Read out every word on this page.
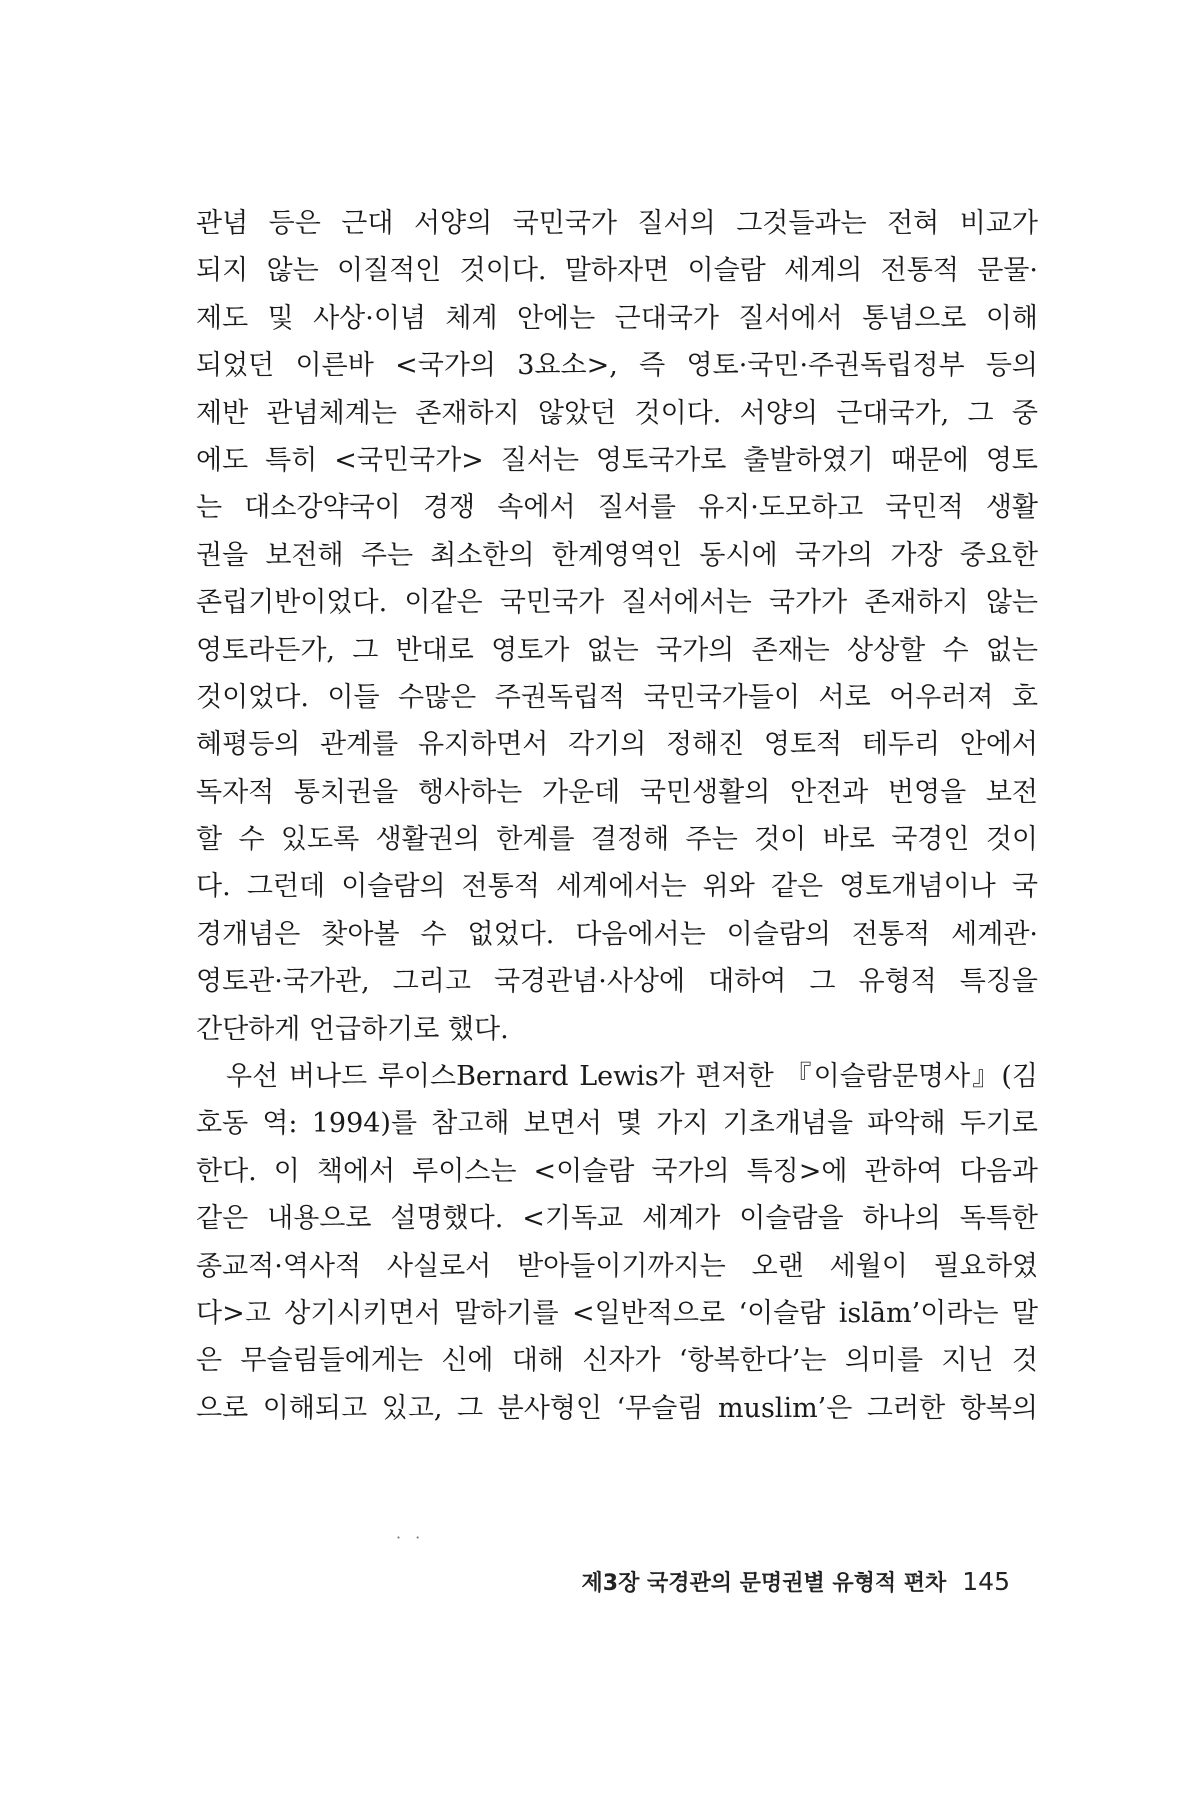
관념 등은 근대 서양의 국민국가 질서의 그것들과는 전혀 비교가
되지 않는 이질적인 것이다. 말하자면 이슬람 세계의 전통적 문물·
제도 및 사상·이념 체계 안에는 근대국가 질서에서 통념으로 이해
되었던 이른바 <국가의 3요소>, 즉 영토·국민·주권독립정부 등의
제반 관념체계는 존재하지 않았던 것이다. 서양의 근대국가, 그 중
에도 특히 <국민국가> 질서는 영토국가로 출발하였기 때문에 영토
는 대소강약국이 경쟁 속에서 질서를 유지·도모하고 국민적 생활
권을 보전해 주는 최소한의 한계영역인 동시에 국가의 가장 중요한
존립기반이었다. 이같은 국민국가 질서에서는 국가가 존재하지 않는
영토라든가, 그 반대로 영토가 없는 국가의 존재는 상상할 수 없는
것이었다. 이들 수많은 주권독립적 국민국가들이 서로 어우러져 호
혜평등의 관계를 유지하면서 각기의 정해진 영토적 테두리 안에서
독자적 통치권을 행사하는 가운데 국민생활의 안전과 번영을 보전
할 수 있도록 생활권의 한계를 결정해 주는 것이 바로 국경인 것이
다. 그런데 이슬람의 전통적 세계에서는 위와 같은 영토개념이나 국
경개념은 찾아볼 수 없었다. 다음에서는 이슬람의 전통적 세계관·
영토관·국가관, 그리고 국경관념·사상에 대하여 그 유형적 특징을
간단하게 언급하기로 했다.
우선 버나드 루이스Bernard Lewis가 편저한 『이슬람문명사』(김
호동 역: 1994)를 참고해 보면서 몇 가지 기초개념을 파악해 두기로
한다. 이 책에서 루이스는 <이슬람 국가의 특징>에 관하여 다음과
같은 내용으로 설명했다. <기독교 세계가 이슬람을 하나의 독특한
종교적·역사적 사실로서 받아들이기까지는 오랜 세월이 필요하였
다>고 상기시키면서 말하기를 <일반적으로 ‘이슬람 islām’이라는 말
은 무슬림들에게는 신에 대해 신자가 ‘항복한다’는 의미를 지닌 것
으로 이해되고 있고, 그 분사형인 ‘무슬림 muslim’은 그러한 항복의
··
제3장 국경관의 문명권별 유형적 편차 145
